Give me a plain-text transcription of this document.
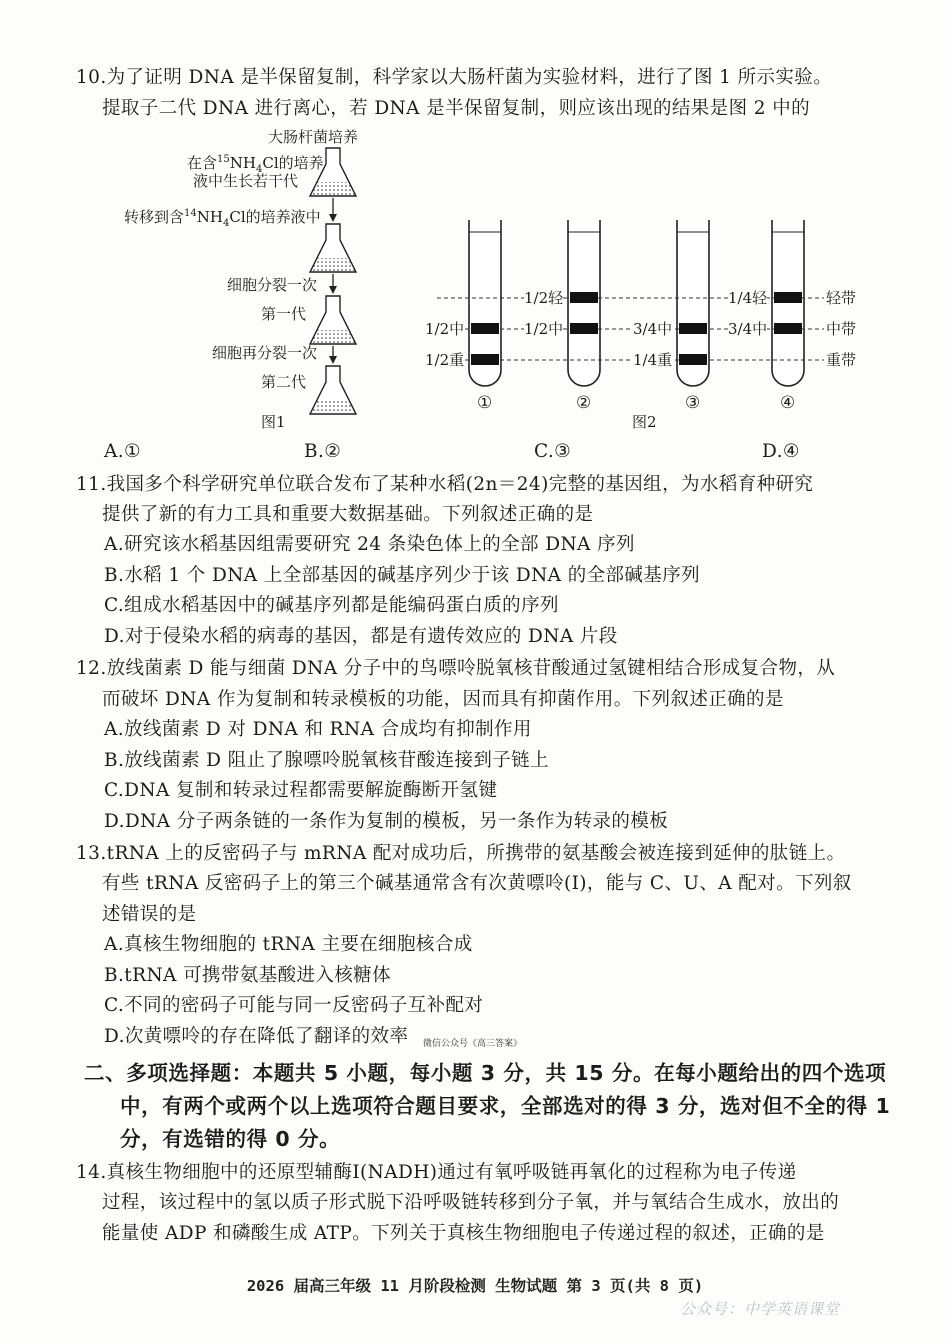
10.为了证明 DNA 是半保留复制，科学家以大肠杆菌为实验材料，进行了图 1 所示实验。
提取子二代 DNA 进行离心，若 DNA 是半保留复制，则应该出现的结果是图 2 中的
大肠杆菌培养
在含$^{15}NH_4Cl$的培养
液中生长若干代
转移到含$^{14}NH_4Cl$的培养液中
细胞分裂一次
第一代
细胞再分裂一次
第二代
图1
1/2中
1/2重
1/2轻
1/2中	3/4中
1/4重
1/4轻
3/4中
轻带
中带
重带
①	②	③	④
图2
A.①	B.②	C.③	D.④
11.我国多个科学研究单位联合发布了某种水稻(2n＝24)完整的基因组，为水稻育种研究
提供了新的有力工具和重要大数据基础。下列叙述正确的是
A.研究该水稻基因组需要研究 24 条染色体上的全部 DNA 序列
B.水稻 1 个 DNA 上全部基因的碱基序列少于该 DNA 的全部碱基序列
C.组成水稻基因中的碱基序列都是能编码蛋白质的序列
D.对于侵染水稻的病毒的基因，都是有遗传效应的 DNA 片段
12.放线菌素 D 能与细菌 DNA 分子中的鸟嘌呤脱氧核苷酸通过氢键相结合形成复合物，从
而破坏 DNA 作为复制和转录模板的功能，因而具有抑菌作用。下列叙述正确的是
A.放线菌素 D 对 DNA 和 RNA 合成均有抑制作用
B.放线菌素 D 阻止了腺嘌呤脱氧核苷酸连接到子链上
C.DNA 复制和转录过程都需要解旋酶断开氢键
D.DNA 分子两条链的一条作为复制的模板，另一条作为转录的模板
13.tRNA 上的反密码子与 mRNA 配对成功后，所携带的氨基酸会被连接到延伸的肽链上。
有些 tRNA 反密码子上的第三个碱基通常含有次黄嘌呤(I)，能与 C、U、A 配对。下列叙
述错误的是
A.真核生物细胞的 tRNA 主要在细胞核合成
B.tRNA 可携带氨基酸进入核糖体
C.不同的密码子可能与同一反密码子互补配对
D.次黄嘌呤的存在降低了翻译的效率 微信公众号《高三答案》
二、多项选择题：本题共 5 小题，每小题 3 分，共 15 分。在每小题给出的四个选项
中，有两个或两个以上选项符合题目要求，全部选对的得 3 分，选对但不全的得 1
分，有选错的得 0 分。
14.真核生物细胞中的还原型辅酶Ⅰ(NADH)通过有氧呼吸链再氧化的过程称为电子传递
过程，该过程中的氢以质子形式脱下沿呼吸链转移到分子氧，并与氧结合生成水，放出的
能量使 ADP 和磷酸生成 ATP。下列关于真核生物细胞电子传递过程的叙述，正确的是
2026 届高三年级 11 月阶段检测 生物试题 第 3 页(共 8 页)
公众号：中学英语课堂
